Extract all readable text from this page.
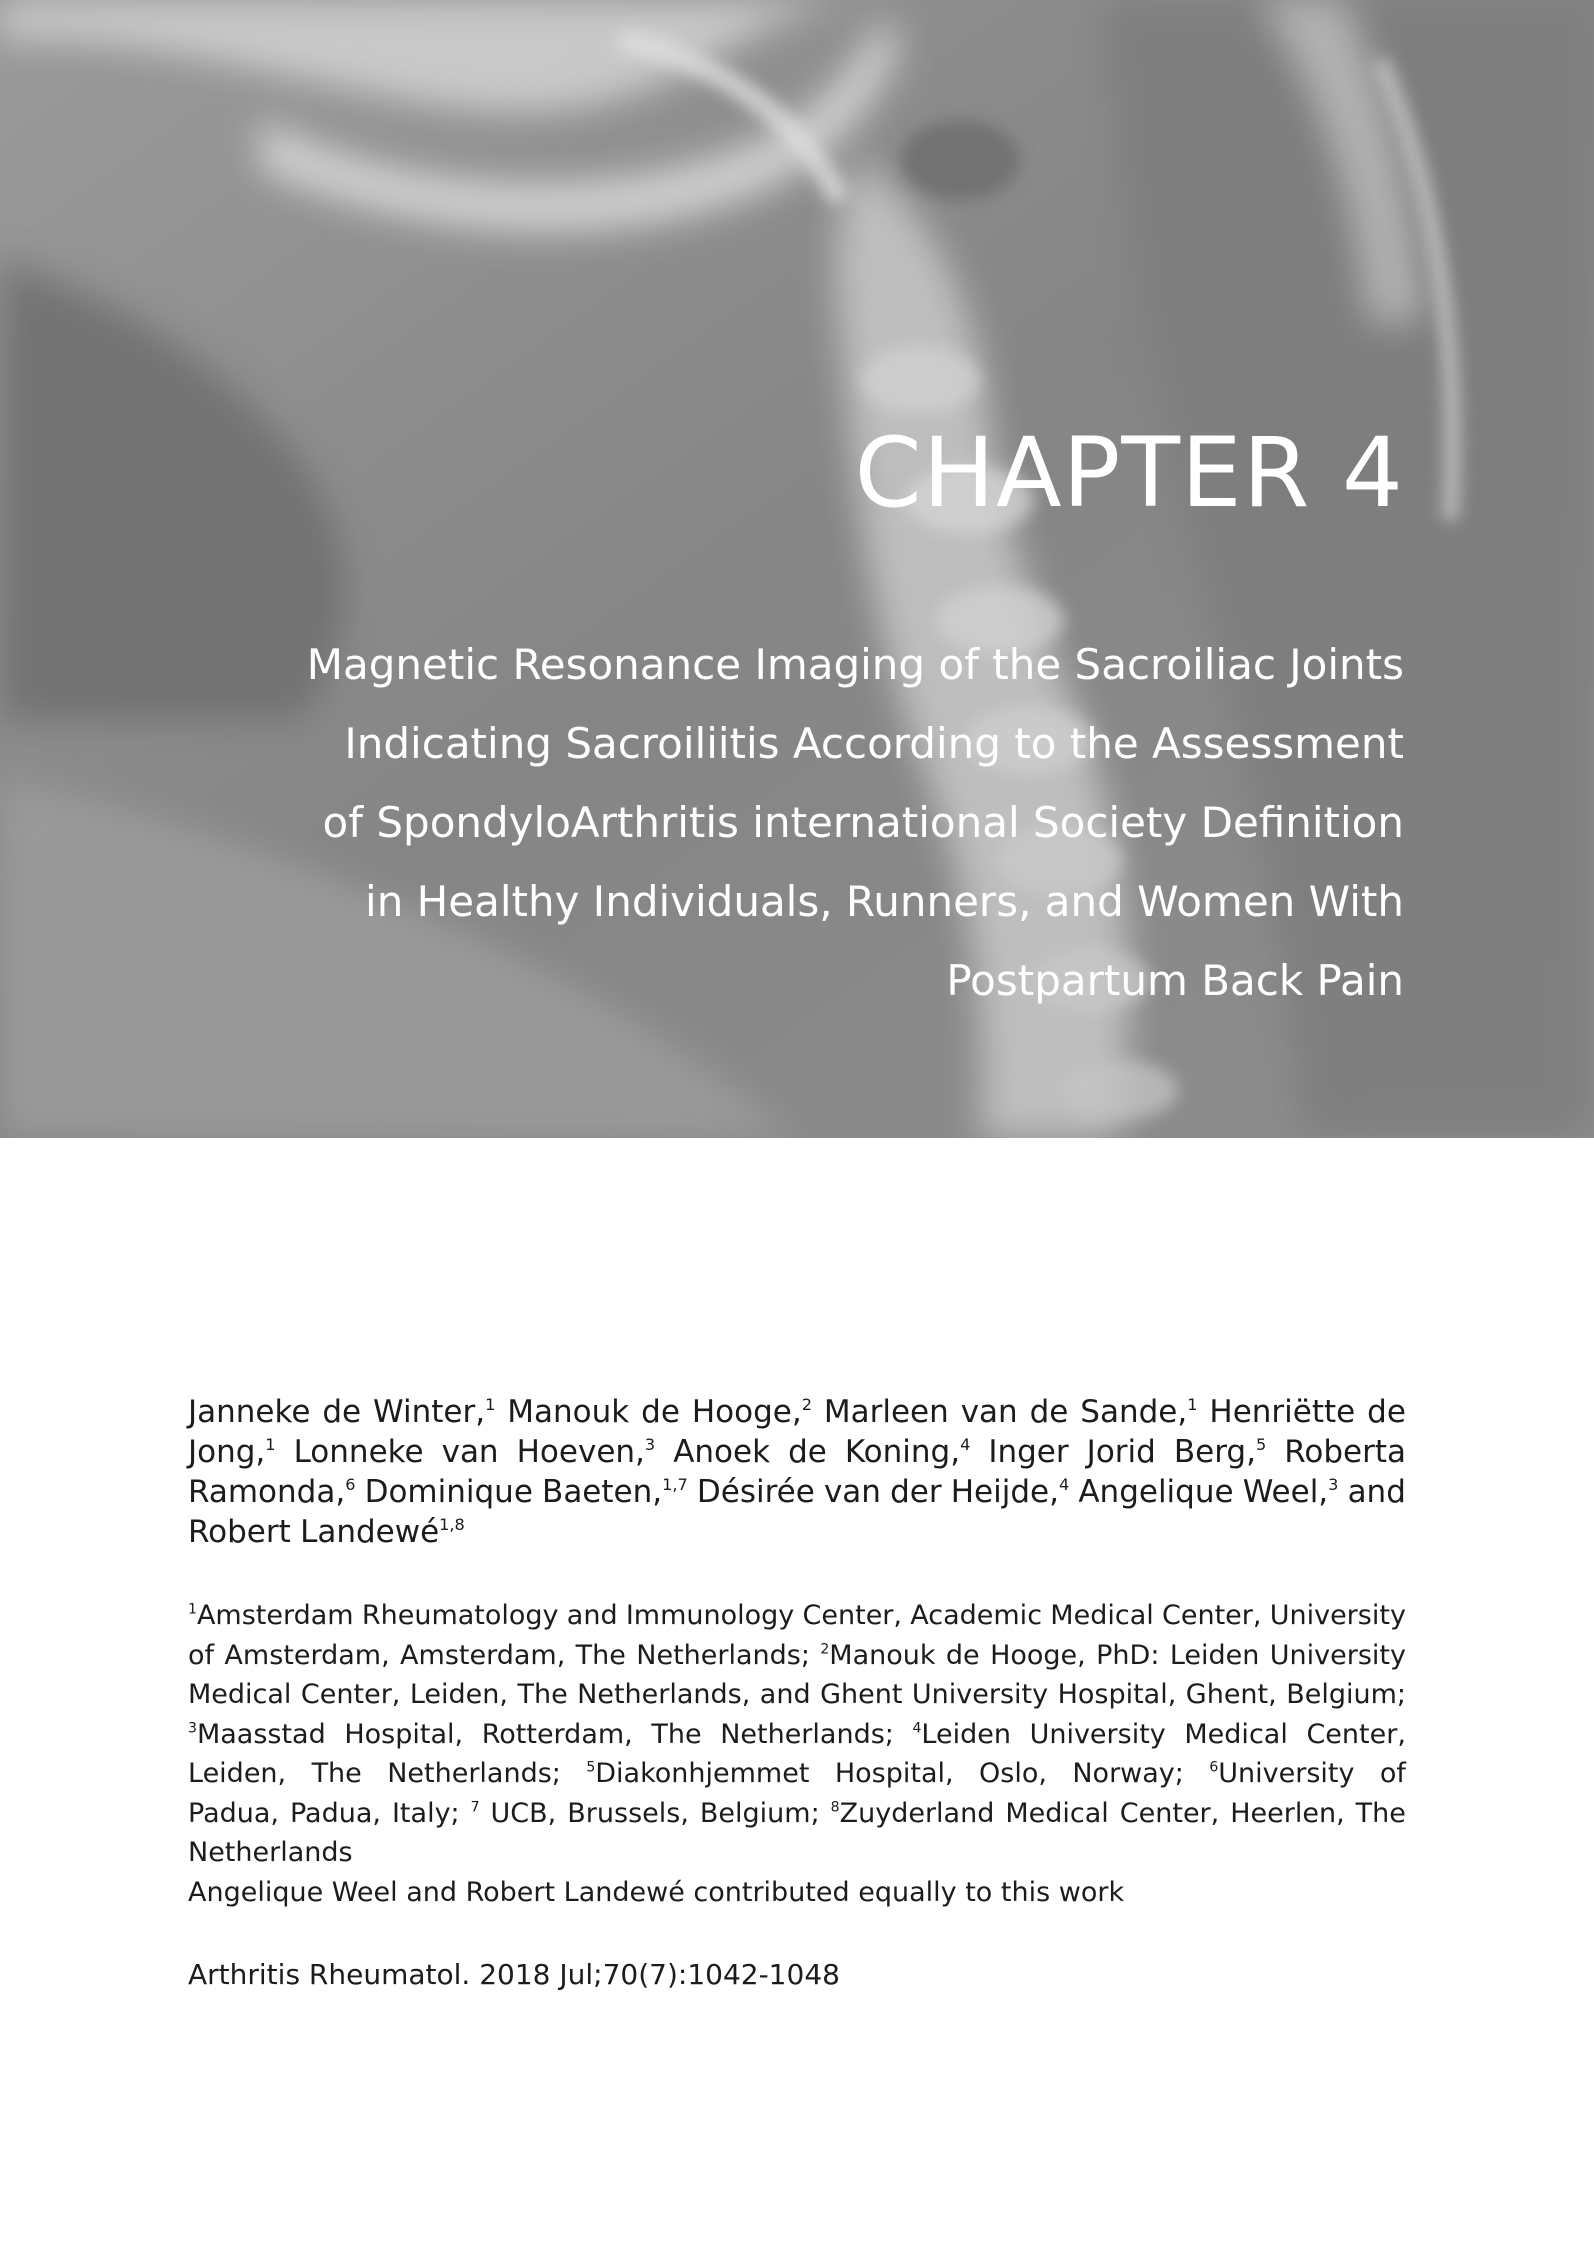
CHAPTER 4
Magnetic Resonance Imaging of the Sacroiliac Joints
Indicating Sacroiliitis According to the Assessment
of SpondyloArthritis international Society Definition
in Healthy Individuals, Runners, and Women With
Postpartum Back Pain
Janneke de Winter,$^1$ Manouk de Hooge,$^2$ Marleen van de Sande,$^1$ Henriëtte de
Jong,$^1$ Lonneke van Hoeven,$^3$ Anoek de Koning,$^4$ Inger Jorid Berg,$^5$ Roberta
Ramonda,$^6$ Dominique Baeten,$^{1,7}$ Désirée van der Heijde,$^4$ Angelique Weel,$^3$ and
Robert Landewé$^{1,8}$
$^1$Amsterdam Rheumatology and Immunology Center, Academic Medical Center, University
of Amsterdam, Amsterdam, The Netherlands; $^2$Manouk de Hooge, PhD: Leiden University
Medical Center, Leiden, The Netherlands, and Ghent University Hospital, Ghent, Belgium;
$^3$Maasstad Hospital, Rotterdam, The Netherlands; $^4$Leiden University Medical Center,
Leiden, The Netherlands; $^5$Diakonhjemmet Hospital, Oslo, Norway; $^6$University of
Padua, Padua, Italy; $^7$ UCB, Brussels, Belgium; $^8$Zuyderland Medical Center, Heerlen, The
Netherlands
Angelique Weel and Robert Landewé contributed equally to this work

Arthritis Rheumatol. 2018 Jul;70(7):1042-1048
